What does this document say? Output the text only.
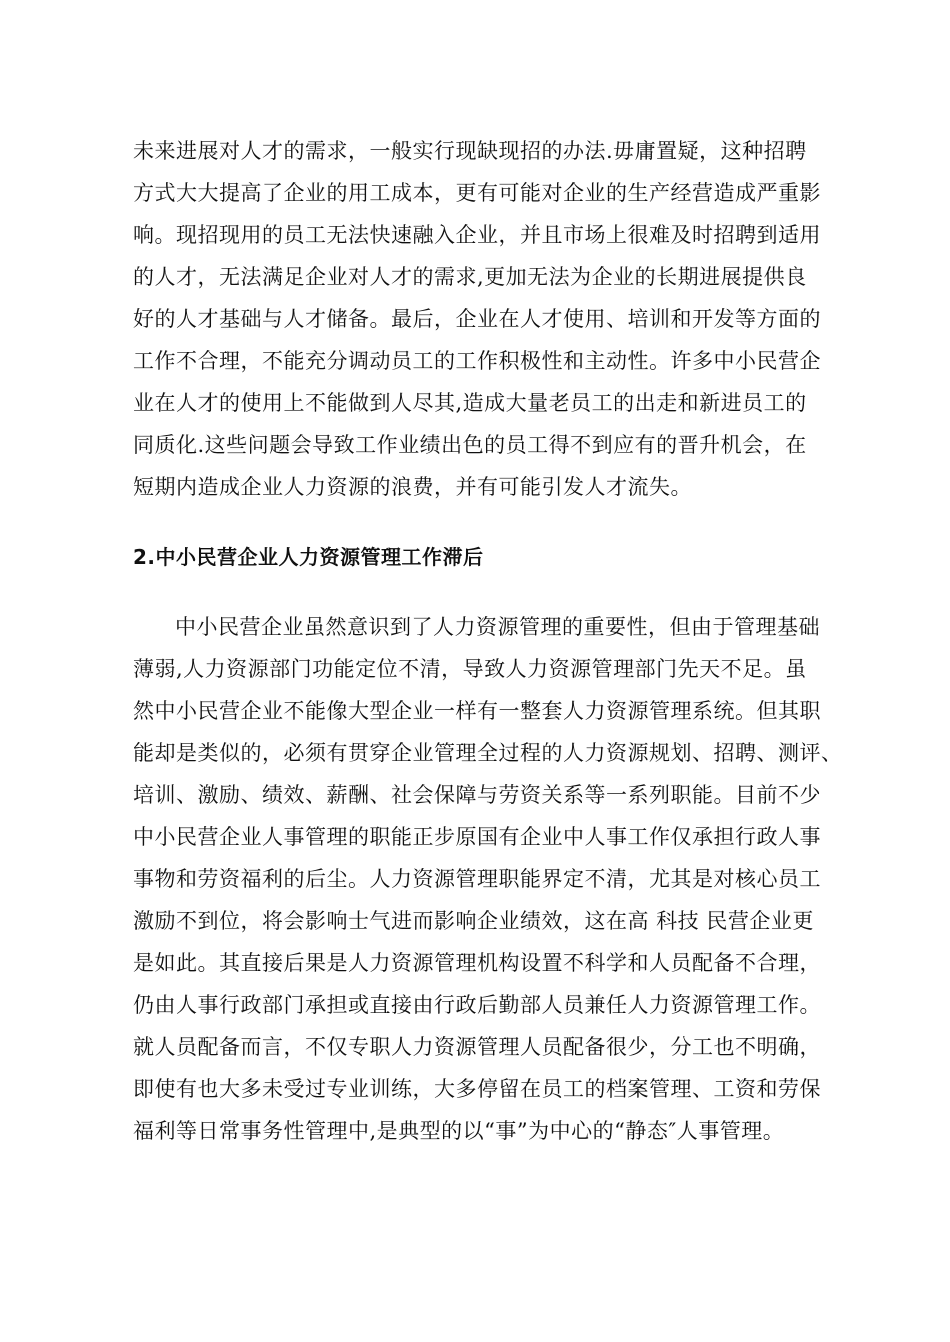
未来进展对人才的需求，一般实行现缺现招的办法.毋庸置疑，这种招聘
方式大大提高了企业的用工成本，更有可能对企业的生产经营造成严重影
响。现招现用的员工无法快速融入企业，并且市场上很难及时招聘到适用
的人才，无法满足企业对人才的需求,更加无法为企业的长期进展提供良
好的人才基础与人才储备。最后，企业在人才使用、培训和开发等方面的
工作不合理，不能充分调动员工的工作积极性和主动性。许多中小民营企
业在人才的使用上不能做到人尽其,造成大量老员工的出走和新进员工的
同质化.这些问题会导致工作业绩出色的员工得不到应有的晋升机会，在
短期内造成企业人力资源的浪费，并有可能引发人才流失。
2.中小民营企业人力资源管理工作滞后
中小民营企业虽然意识到了人力资源管理的重要性，但由于管理基础
薄弱,人力资源部门功能定位不清，导致人力资源管理部门先天不足。虽
然中小民营企业不能像大型企业一样有一整套人力资源管理系统。但其职
能却是类似的，必须有贯穿企业管理全过程的人力资源规划、招聘、测评、
培训、激励、绩效、薪酬、社会保障与劳资关系等一系列职能。目前不少
中小民营企业人事管理的职能正步原国有企业中人事工作仅承担行政人事
事物和劳资福利的后尘。人力资源管理职能界定不清，尤其是对核心员工
激励不到位，将会影响士气进而影响企业绩效，这在高 科技 民营企业更
是如此。其直接后果是人力资源管理机构设置不科学和人员配备不合理，
仍由人事行政部门承担或直接由行政后勤部人员兼任人力资源管理工作。
就人员配备而言，不仅专职人力资源管理人员配备很少，分工也不明确，
即使有也大多未受过专业训练，大多停留在员工的档案管理、工资和劳保
福利等日常事务性管理中,是典型的以“事”为中心的“静态″人事管理。
